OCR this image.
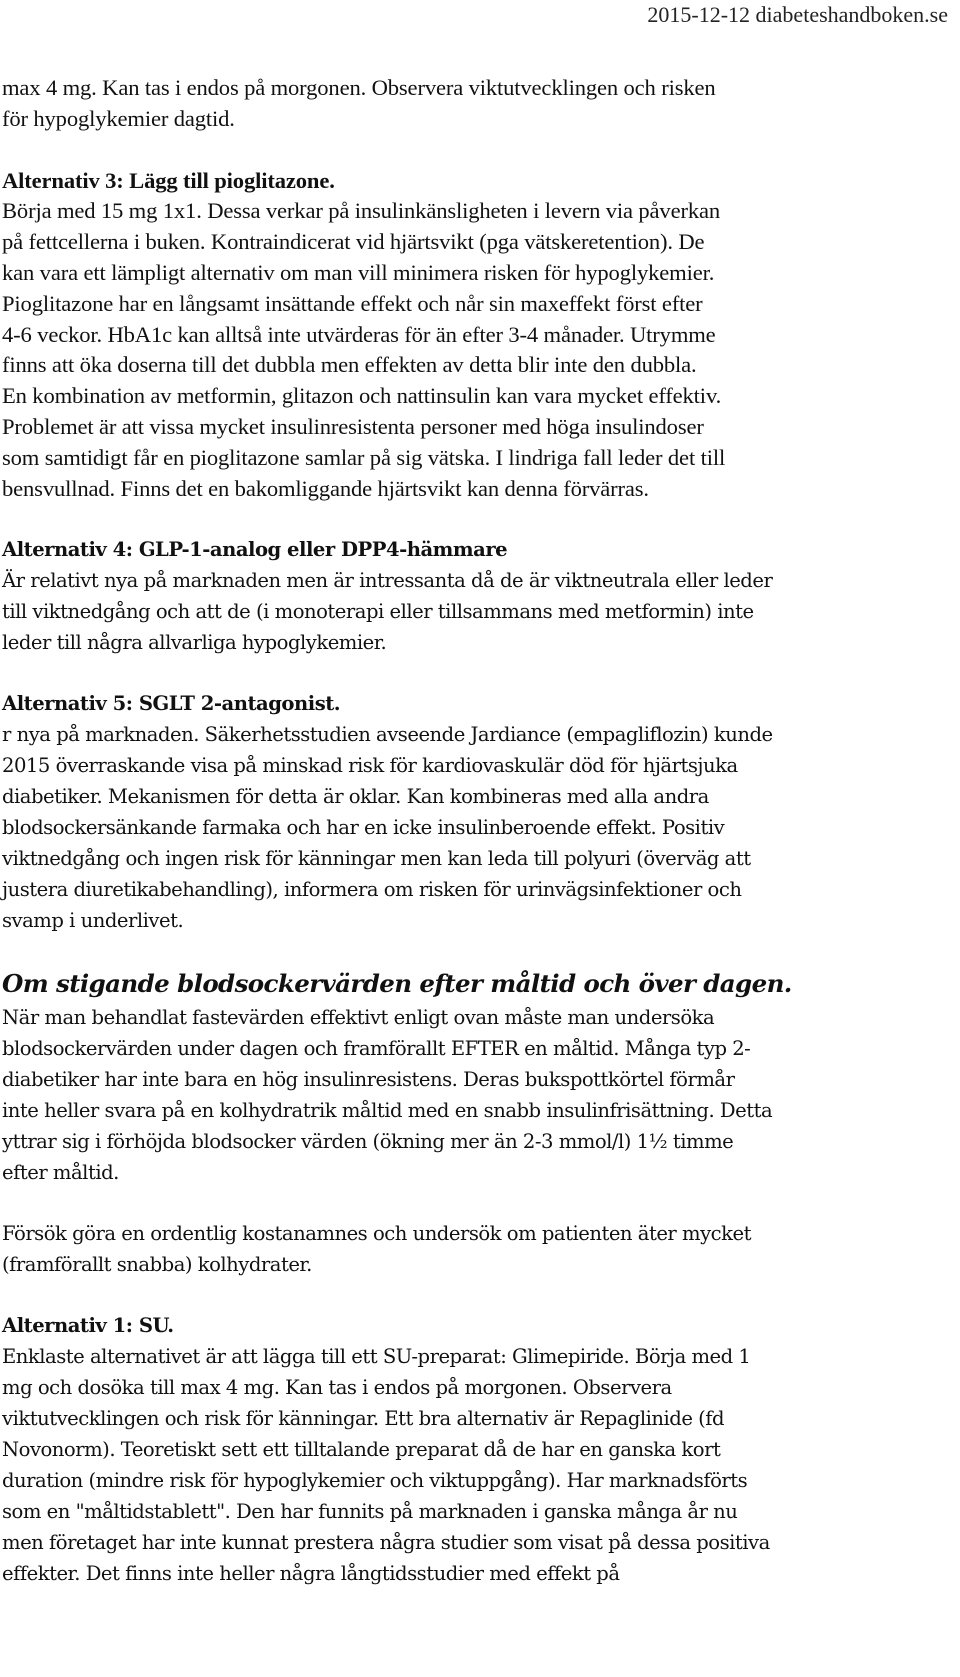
2015-12-12 diabeteshandboken.se
max 4 mg. Kan tas i endos på morgonen. Observera viktutvecklingen och risken
för hypoglykemier dagtid.
Alternativ 3: Lägg till pioglitazone.
Börja med 15 mg 1x1. Dessa verkar på insulinkänsligheten i levern via påverkan
på fettcellerna i buken. Kontraindicerat vid hjärtsvikt (pga vätskeretention). De
kan vara ett lämpligt alternativ om man vill minimera risken för hypoglykemier.
Pioglitazone har en långsamt insättande effekt och når sin maxeffekt först efter
4-6 veckor. HbA1c kan alltså inte utvärderas för än efter 3-4 månader. Utrymme
finns att öka doserna till det dubbla men effekten av detta blir inte den dubbla.
En kombination av metformin, glitazon och nattinsulin kan vara mycket effektiv.
Problemet är att vissa mycket insulinresistenta personer med höga insulindoser
som samtidigt får en pioglitazone samlar på sig vätska. I lindriga fall leder det till
bensvullnad. Finns det en bakomliggande hjärtsvikt kan denna förvärras.
Alternativ 4: GLP-1-analog eller DPP4-hämmare
Är relativt nya på marknaden men är intressanta då de är viktneutrala eller leder
till viktnedgång och att de (i monoterapi eller tillsammans med metformin) inte
leder till några allvarliga hypoglykemier.
Alternativ 5: SGLT 2-antagonist.
r nya på marknaden. Säkerhetsstudien avseende Jardiance (empagliflozin) kunde
2015 överraskande visa på minskad risk för kardiovaskulär död för hjärtsjuka
diabetiker. Mekanismen för detta är oklar. Kan kombineras med alla andra
blodsockersänkande farmaka och har en icke insulinberoende effekt. Positiv
viktnedgång och ingen risk för känningar men kan leda till polyuri (överväg att
justera diuretikabehandling), informera om risken för urinvägsinfektioner och
svamp i underlivet.
Om stigande blodsockervärden efter måltid och över dagen.
När man behandlat fastevärden effektivt enligt ovan måste man undersöka
blodsockervärden under dagen och framförallt EFTER en måltid. Många typ 2-
diabetiker har inte bara en hög insulinresistens. Deras bukspottkörtel förmår
inte heller svara på en kolhydratrik måltid med en snabb insulinfrisättning. Detta
yttrar sig i förhöjda blodsocker värden (ökning mer än 2-3 mmol/l) 1½ timme
efter måltid.
Försök göra en ordentlig kostanamnes och undersök om patienten äter mycket
(framförallt snabba) kolhydrater.
Alternativ 1: SU.
Enklaste alternativet är att lägga till ett SU-preparat: Glimepiride. Börja med 1
mg och dosöka till max 4 mg. Kan tas i endos på morgonen. Observera
viktutvecklingen och risk för känningar. Ett bra alternativ är Repaglinide (fd
Novonorm). Teoretiskt sett ett tilltalande preparat då de har en ganska kort
duration (mindre risk för hypoglykemier och viktuppgång). Har marknadsförts
som en "måltidstablett". Den har funnits på marknaden i ganska många år nu
men företaget har inte kunnat prestera några studier som visat på dessa positiva
effekter. Det finns inte heller några långtidsstudier med effekt på
